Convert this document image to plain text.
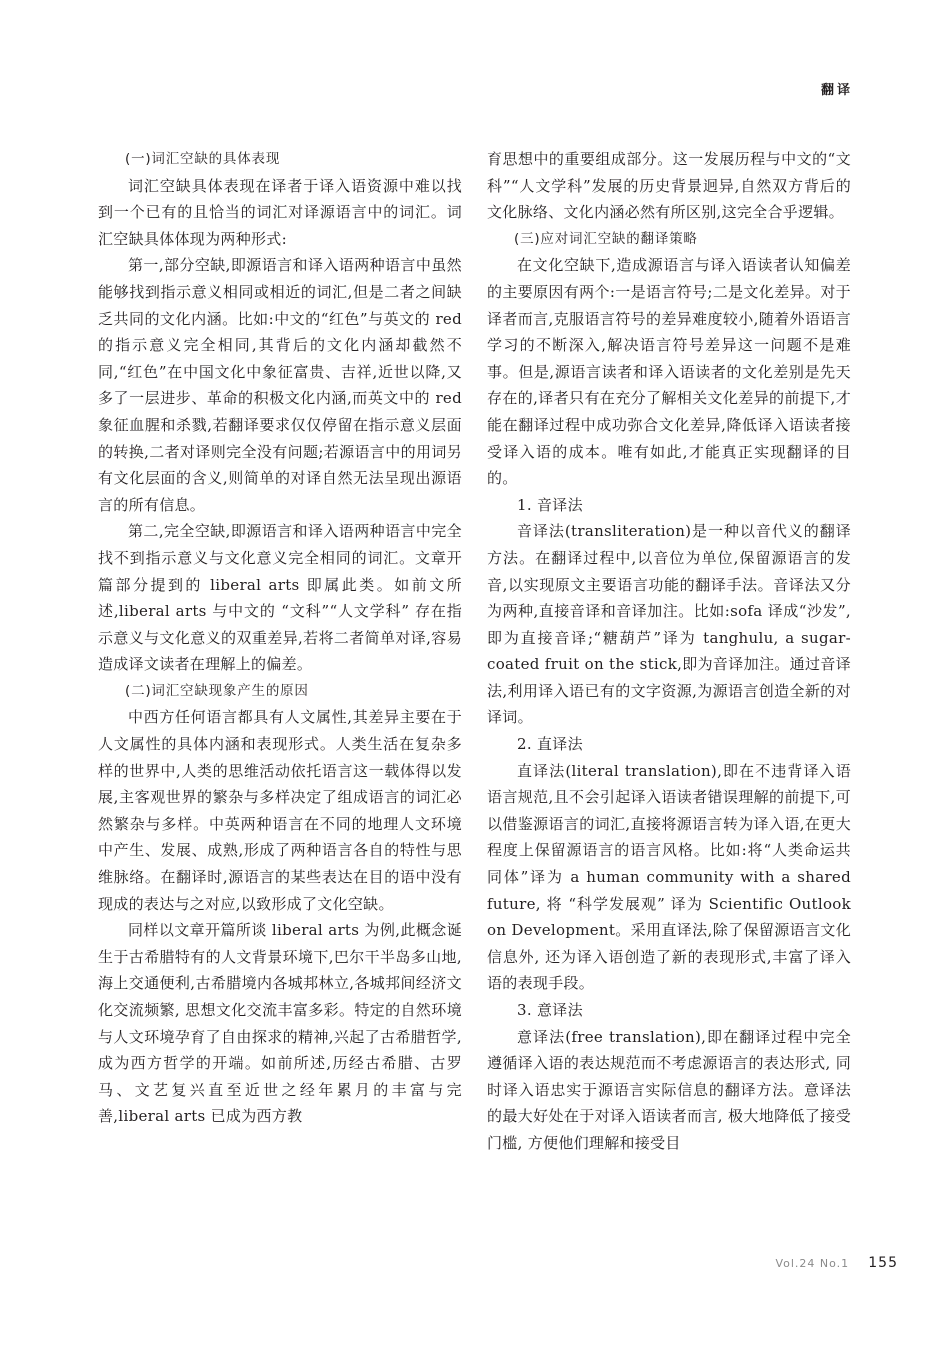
翻译

(一)词汇空缺的具体表现

词汇空缺具体表现在译者于译入语资源中难以找到一个已有的且恰当的词汇对译源语言中的词汇。词汇空缺具体体现为两种形式:

第一,部分空缺,即源语言和译入语两种语言中虽然能够找到指示意义相同或相近的词汇,但是二者之间缺乏共同的文化内涵。比如:中文的“红色”与英文的 red 的指示意义完全相同,其背后的文化内涵却截然不同,“红色”在中国文化中象征富贵、吉祥,近世以降,又多了一层进步、革命的积极文化内涵,而英文中的 red 象征血腥和杀戮,若翻译要求仅仅停留在指示意义层面的转换,二者对译则完全没有问题;若源语言中的用词另有文化层面的含义,则简单的对译自然无法呈现出源语言的所有信息。

第二,完全空缺,即源语言和译入语两种语言中完全找不到指示意义与文化意义完全相同的词汇。文章开篇部分提到的 liberal arts 即属此类。如前文所述,liberal arts 与中文的 “文科”“人文学科” 存在指示意义与文化意义的双重差异,若将二者简单对译,容易造成译文读者在理解上的偏差。

(二)词汇空缺现象产生的原因

中西方任何语言都具有人文属性,其差异主要在于人文属性的具体内涵和表现形式。人类生活在复杂多样的世界中,人类的思维活动依托语言这一载体得以发展,主客观世界的繁杂与多样决定了组成语言的词汇必然繁杂与多样。中英两种语言在不同的地理人文环境中产生、发展、成熟,形成了两种语言各自的特性与思维脉络。在翻译时,源语言的某些表达在目的语中没有现成的表达与之对应,以致形成了文化空缺。

同样以文章开篇所谈 liberal arts 为例,此概念诞生于古希腊特有的人文背景环境下,巴尔干半岛多山地,海上交通便利,古希腊境内各城邦林立,各城邦间经济文化交流频繁, 思想文化交流丰富多彩。特定的自然环境与人文环境孕育了自由探求的精神,兴起了古希腊哲学,成为西方哲学的开端。如前所述,历经古希腊、古罗马、文艺复兴直至近世之经年累月的丰富与完善,liberal arts 已成为西方教

育思想中的重要组成部分。这一发展历程与中文的“文科”“人文学科”发展的历史背景迥异,自然双方背后的文化脉络、文化内涵必然有所区别,这完全合乎逻辑。

(三)应对词汇空缺的翻译策略

在文化空缺下,造成源语言与译入语读者认知偏差的主要原因有两个:一是语言符号;二是文化差异。对于译者而言,克服语言符号的差异难度较小,随着外语语言学习的不断深入,解决语言符号差异这一问题不是难事。但是,源语言读者和译入语读者的文化差别是先天存在的,译者只有在充分了解相关文化差异的前提下,才能在翻译过程中成功弥合文化差异,降低译入语读者接受译入语的成本。唯有如此,才能真正实现翻译的目的。

1. 音译法

音译法(transliteration)是一种以音代义的翻译方法。在翻译过程中,以音位为单位,保留源语言的发音,以实现原文主要语言功能的翻译手法。音译法又分为两种,直接音译和音译加注。比如:sofa 译成“沙发”,即为直接音译;“糖葫芦”译为 tanghulu, a sugar-coated fruit on the stick,即为音译加注。通过音译法,利用译入语已有的文字资源,为源语言创造全新的对译词。

2. 直译法

直译法(literal translation),即在不违背译入语语言规范,且不会引起译入语读者错误理解的前提下,可以借鉴源语言的词汇,直接将源语言转为译入语,在更大程度上保留源语言的语言风格。比如:将“人类命运共同体”译为 a human community with a shared future, 将 “科学发展观” 译为 Scientific Outlook on Development。采用直译法,除了保留源语言文化信息外, 还为译入语创造了新的表现形式,丰富了译入语的表现手段。

3. 意译法

意译法(free translation),即在翻译过程中完全遵循译入语的表达规范而不考虑源语言的表达形式, 同时译入语忠实于源语言实际信息的翻译方法。意译法的最大好处在于对译入语读者而言, 极大地降低了接受门槛, 方便他们理解和接受目

Vol.24 No.1 155
